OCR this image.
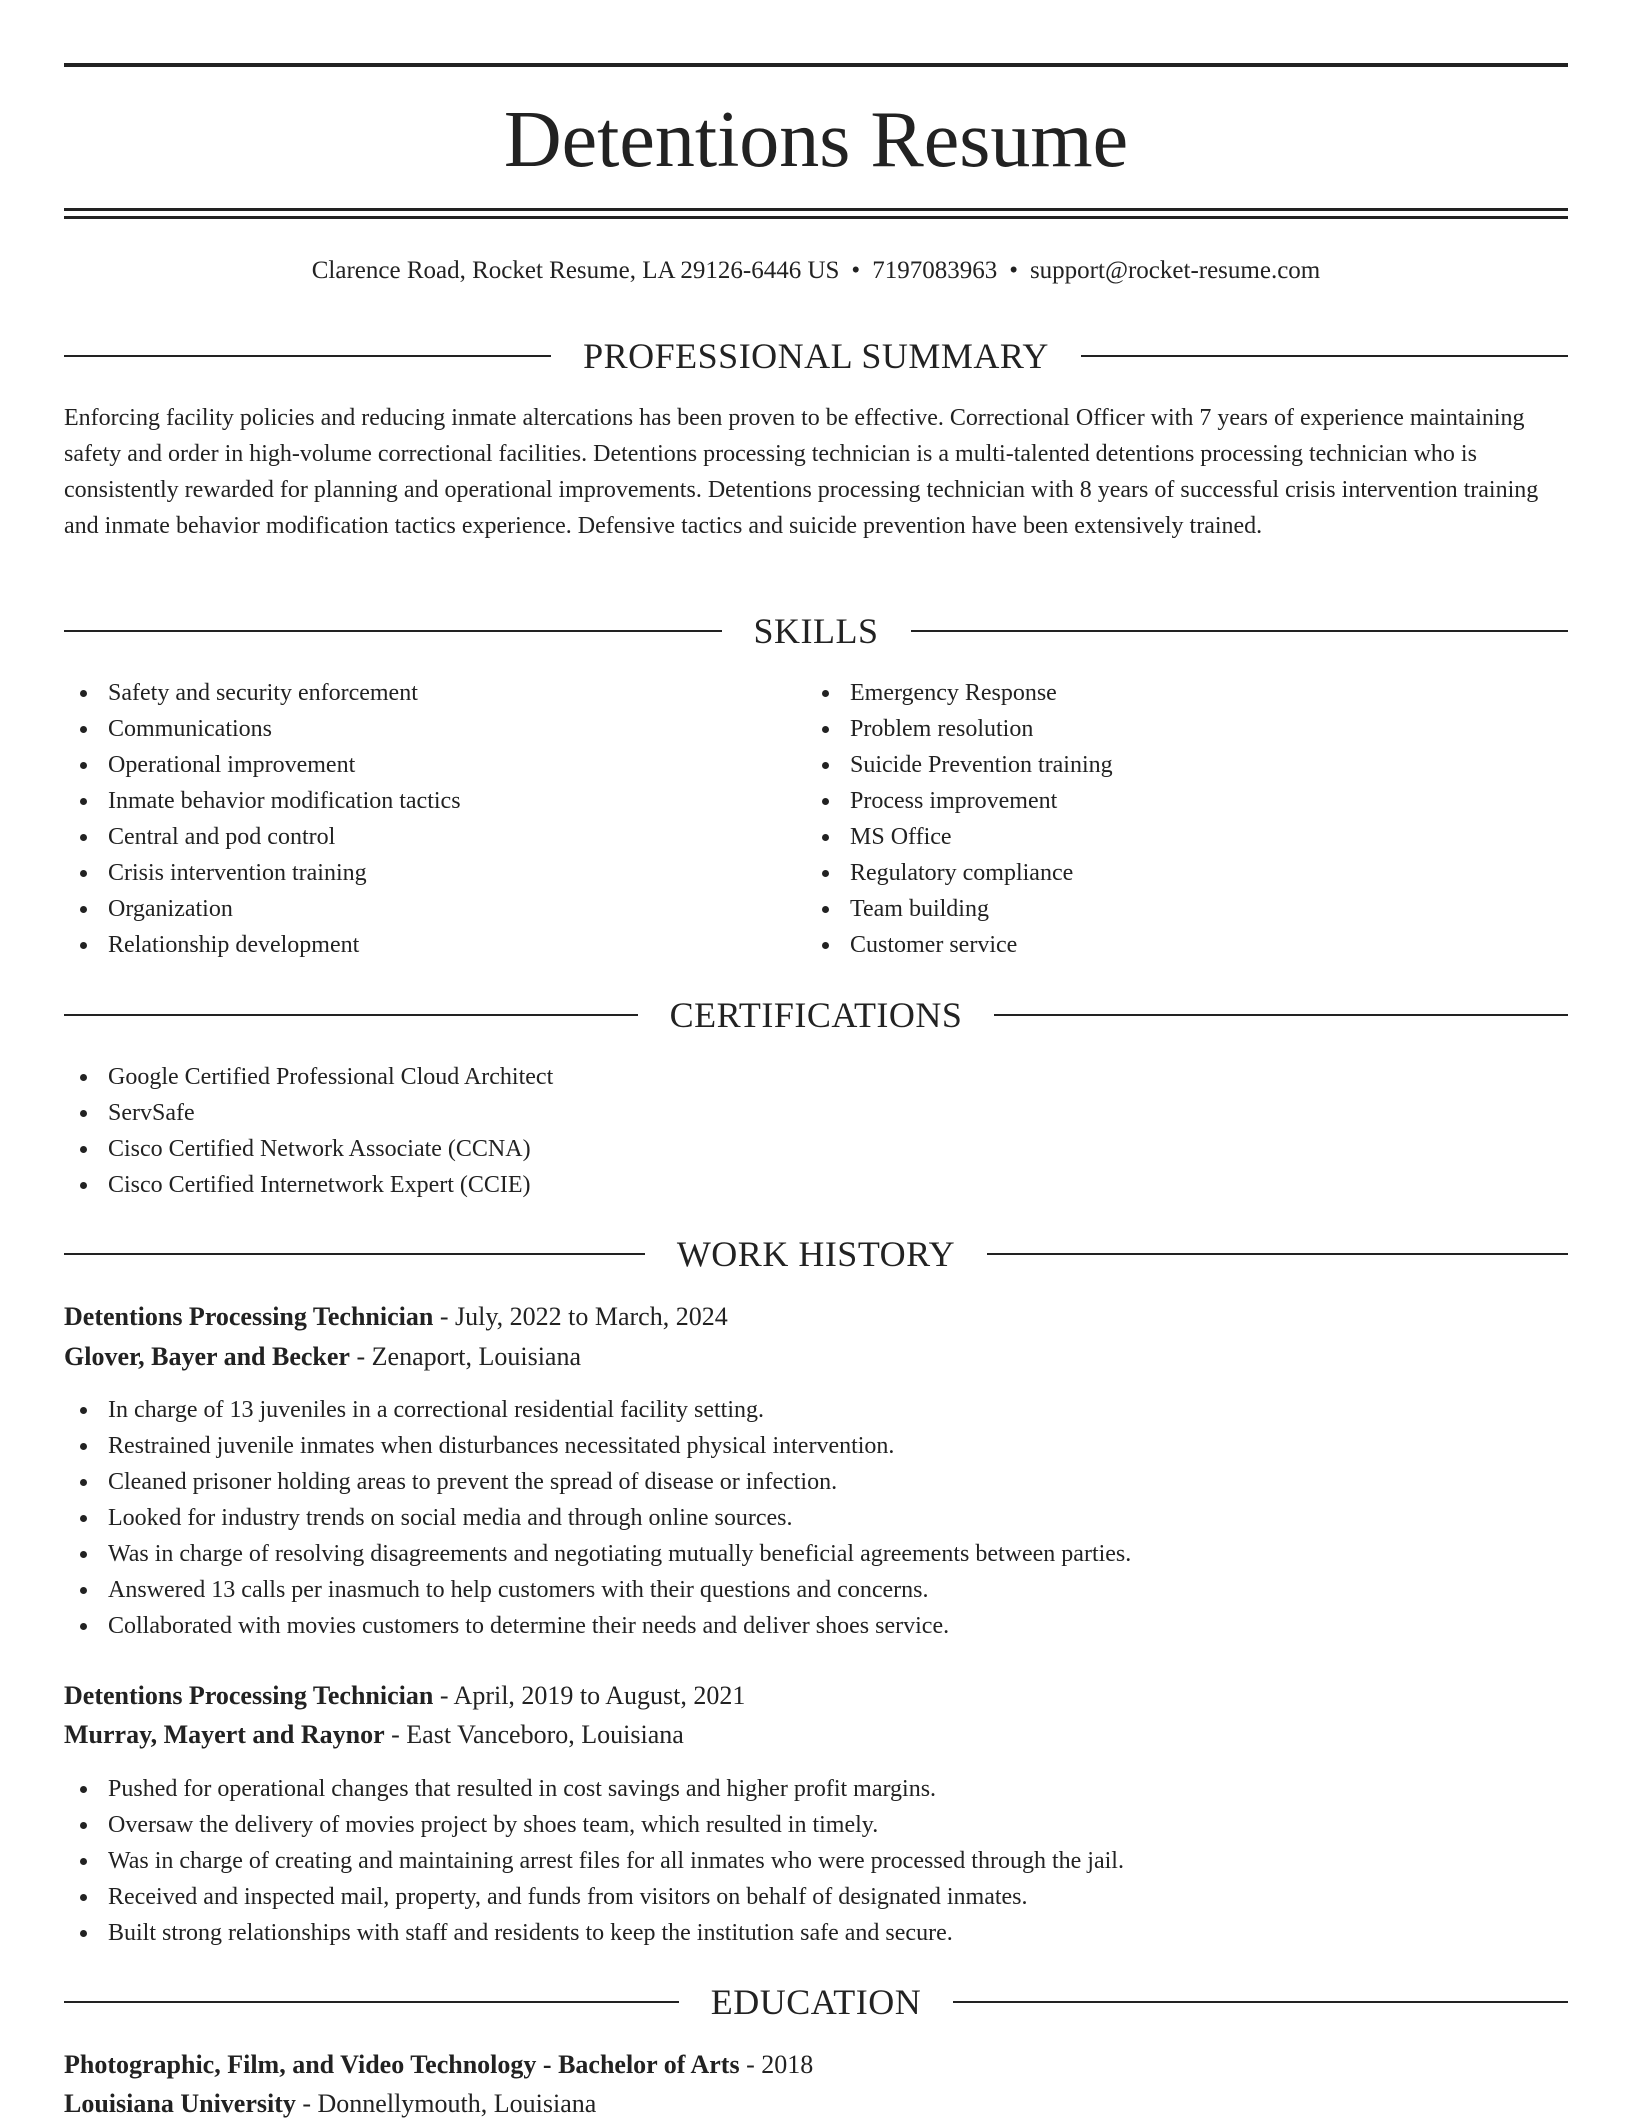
Detentions Resume
Clarence Road, Rocket Resume, LA 29126-6446 US • 7197083963 • support@rocket-resume.com
PROFESSIONAL SUMMARY
Enforcing facility policies and reducing inmate altercations has been proven to be effective. Correctional Officer with 7 years of experience maintaining safety and order in high-volume correctional facilities. Detentions processing technician is a multi-talented detentions processing technician who is consistently rewarded for planning and operational improvements. Detentions processing technician with 8 years of successful crisis intervention training and inmate behavior modification tactics experience. Defensive tactics and suicide prevention have been extensively trained.
SKILLS
Safety and security enforcement
Communications
Operational improvement
Inmate behavior modification tactics
Central and pod control
Crisis intervention training
Organization
Relationship development
Emergency Response
Problem resolution
Suicide Prevention training
Process improvement
MS Office
Regulatory compliance
Team building
Customer service
CERTIFICATIONS
Google Certified Professional Cloud Architect
ServSafe
Cisco Certified Network Associate (CCNA)
Cisco Certified Internetwork Expert (CCIE)
WORK HISTORY
Detentions Processing Technician - July, 2022 to March, 2024
Glover, Bayer and Becker - Zenaport, Louisiana
In charge of 13 juveniles in a correctional residential facility setting.
Restrained juvenile inmates when disturbances necessitated physical intervention.
Cleaned prisoner holding areas to prevent the spread of disease or infection.
Looked for industry trends on social media and through online sources.
Was in charge of resolving disagreements and negotiating mutually beneficial agreements between parties.
Answered 13 calls per inasmuch to help customers with their questions and concerns.
Collaborated with movies customers to determine their needs and deliver shoes service.
Detentions Processing Technician - April, 2019 to August, 2021
Murray, Mayert and Raynor - East Vanceboro, Louisiana
Pushed for operational changes that resulted in cost savings and higher profit margins.
Oversaw the delivery of movies project by shoes team, which resulted in timely.
Was in charge of creating and maintaining arrest files for all inmates who were processed through the jail.
Received and inspected mail, property, and funds from visitors on behalf of designated inmates.
Built strong relationships with staff and residents to keep the institution safe and secure.
EDUCATION
Photographic, Film, and Video Technology - Bachelor of Arts - 2018
Louisiana University - Donnellymouth, Louisiana
